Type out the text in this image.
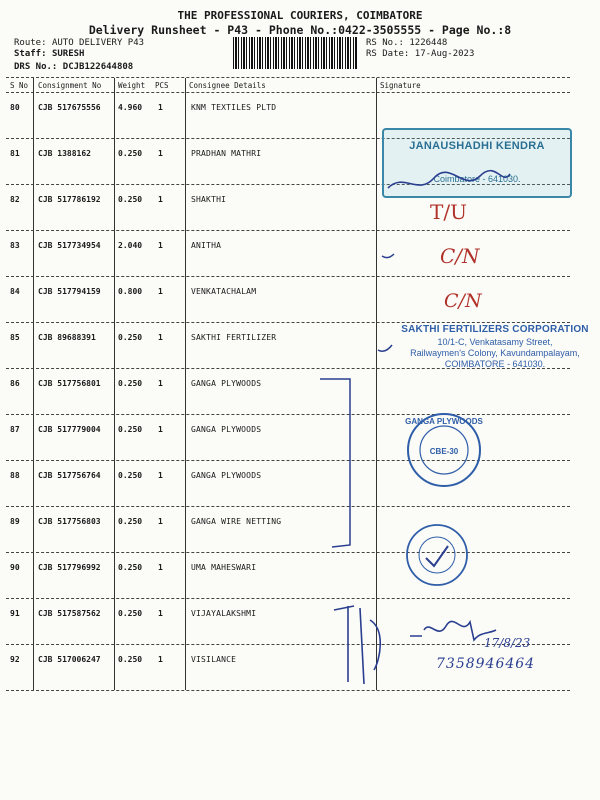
THE PROFESSIONAL COURIERS, COIMBATORE
Delivery Runsheet - P43 - Phone No.:0422-3505555 - Page No.:8
Route: AUTO DELIVERY P43
Staff: SURESH
DRS No.: DCJB122644808
RS No.: 1226448
RS Date: 17-Aug-2023
S No Consignment No Weight PCS	Consignee Details	Signature
80 CJB 517675556 4.960 1	KNM TEXTILES PLTD
81 CJB 1388162	0.250 1	PRADHAN MATHRI
82 CJB 517786192 0.250 1	SHAKTHI
83 CJB 517734954 2.040 1	ANITHA
84 CJB 517794159 0.800 1	VENKATACHALAM
85 CJB 89688391	0.250 1	SAKTHI FERTILIZER
86 CJB 517756801 0.250 1	GANGA PLYWOODS
87 CJB 517779004 0.250 1	GANGA PLYWOODS
88 CJB 517756764 0.250 1	GANGA PLYWOODS
89 CJB 517756803 0.250 1	GANGA WIRE NETTING
90 CJB 517796992 0.250 1	UMA MAHESWARI
91 CJB 517587562 0.250 1	VIJAYALAKSHMI
92 CJB 517006247 0.250 1	VISILANCE
JANAUSHADHI KENDRA
Coimbatore - 641030.
SAKTHI FERTILIZERS CORPORATION
10/1-C, Venkatasamy Street,
Railwaymen's Colony, Kavundampalayam,
COIMBATORE - 641030.
GANGA PLYWOODS
CBE-30
T/U
C/N
C/N
17/8/23
7358946464
